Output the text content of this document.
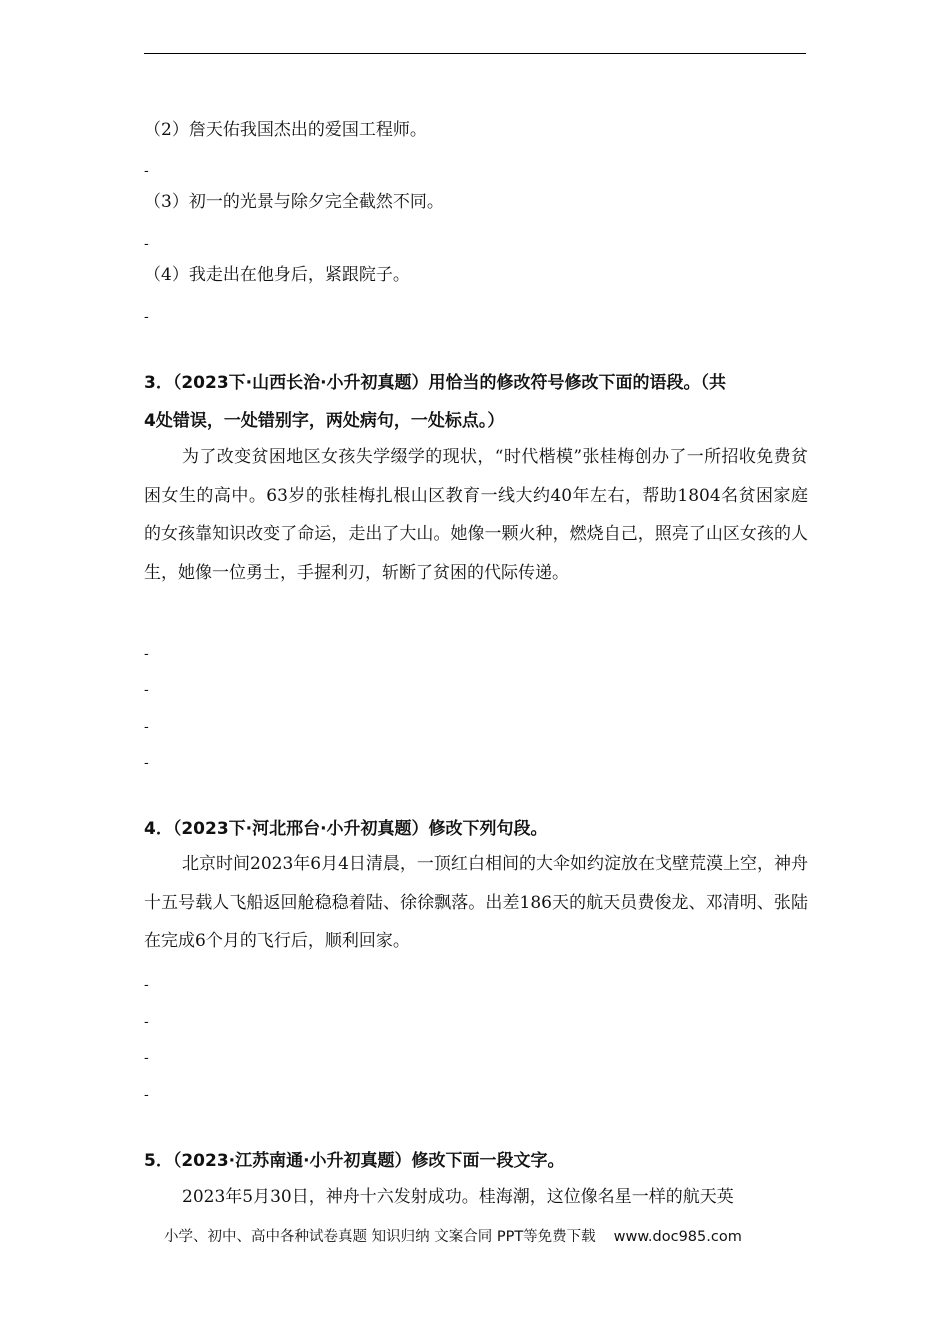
（2）詹天佑我国杰出的爱国工程师。
-
（3）初一的光景与除夕完全截然不同。
-
（4）我走出在他身后，紧跟院子。
-
3．（2023下·山西长治·小升初真题）用恰当的修改符号修改下面的语段。（共
4处错误，一处错别字，两处病句，一处标点。）
为了改变贫困地区女孩失学缀学的现状，“时代楷模”张桂梅创办了一所招收免费贫困女生的高中。63岁的张桂梅扎根山区教育一线大约40年左右，帮助1804名贫困家庭的女孩靠知识改变了命运，走出了大山。她像一颗火种，燃烧自己，照亮了山区女孩的人生，她像一位勇士，手握利刃，斩断了贫困的代际传递。
-
-
-
-
4．（2023下·河北邢台·小升初真题）修改下列句段。
北京时间2023年6月4日清晨，一顶红白相间的大伞如约淀放在戈壁荒漠上空，神舟十五号载人飞船返回舱稳稳着陆、徐徐飘落。出差186天的航天员费俊龙、邓清明、张陆在完成6个月的飞行后，顺利回家。
-
-
-
-
5．（2023·江苏南通·小升初真题）修改下面一段文字。
2023年5月30日，神舟十六发射成功。桂海潮，这位像名星一样的航天英
小学、初中、高中各种试卷真题 知识归纳 文案合同 PPT等免费下载 www.doc985.com
